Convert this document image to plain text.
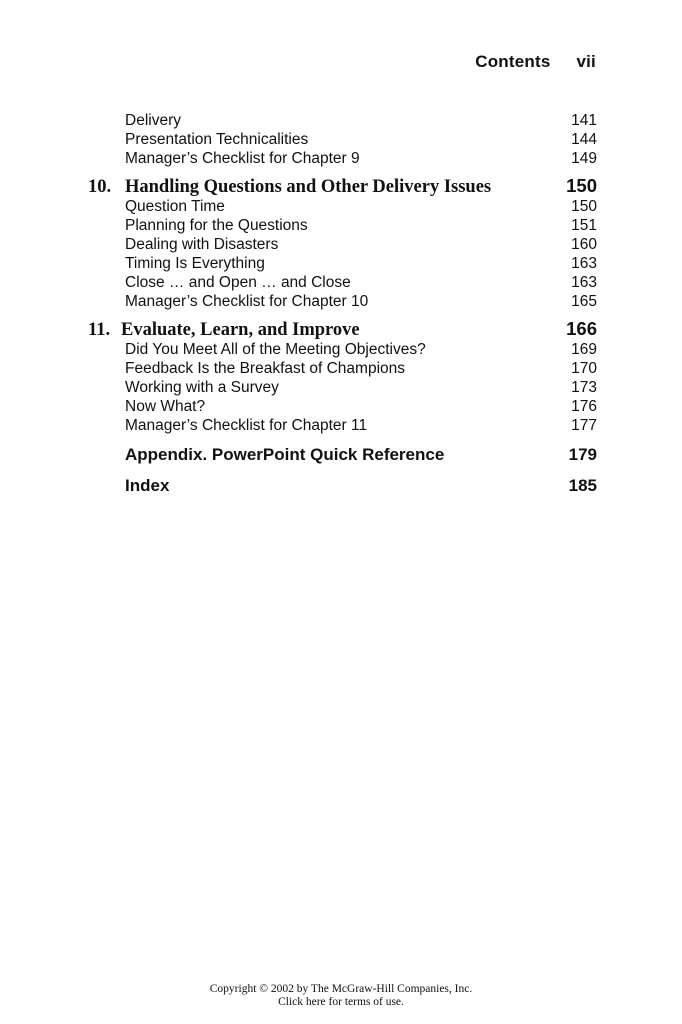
Contents vii
Delivery	141
Presentation Technicalities	144
Manager’s Checklist for Chapter 9	149
10. Handling Questions and Other Delivery Issues	150
Question Time	150
Planning for the Questions	151
Dealing with Disasters	160
Timing Is Everything	163
Close … and Open … and Close	163
Manager’s Checklist for Chapter 10	165
11. Evaluate, Learn, and Improve	166
Did You Meet All of the Meeting Objectives?	169
Feedback Is the Breakfast of Champions	170
Working with a Survey	173
Now What?	176
Manager’s Checklist for Chapter 11	177
Appendix. PowerPoint Quick Reference	179
Index	185
Copyright © 2002 by The McGraw-Hill Companies, Inc.
Click here for terms of use.
